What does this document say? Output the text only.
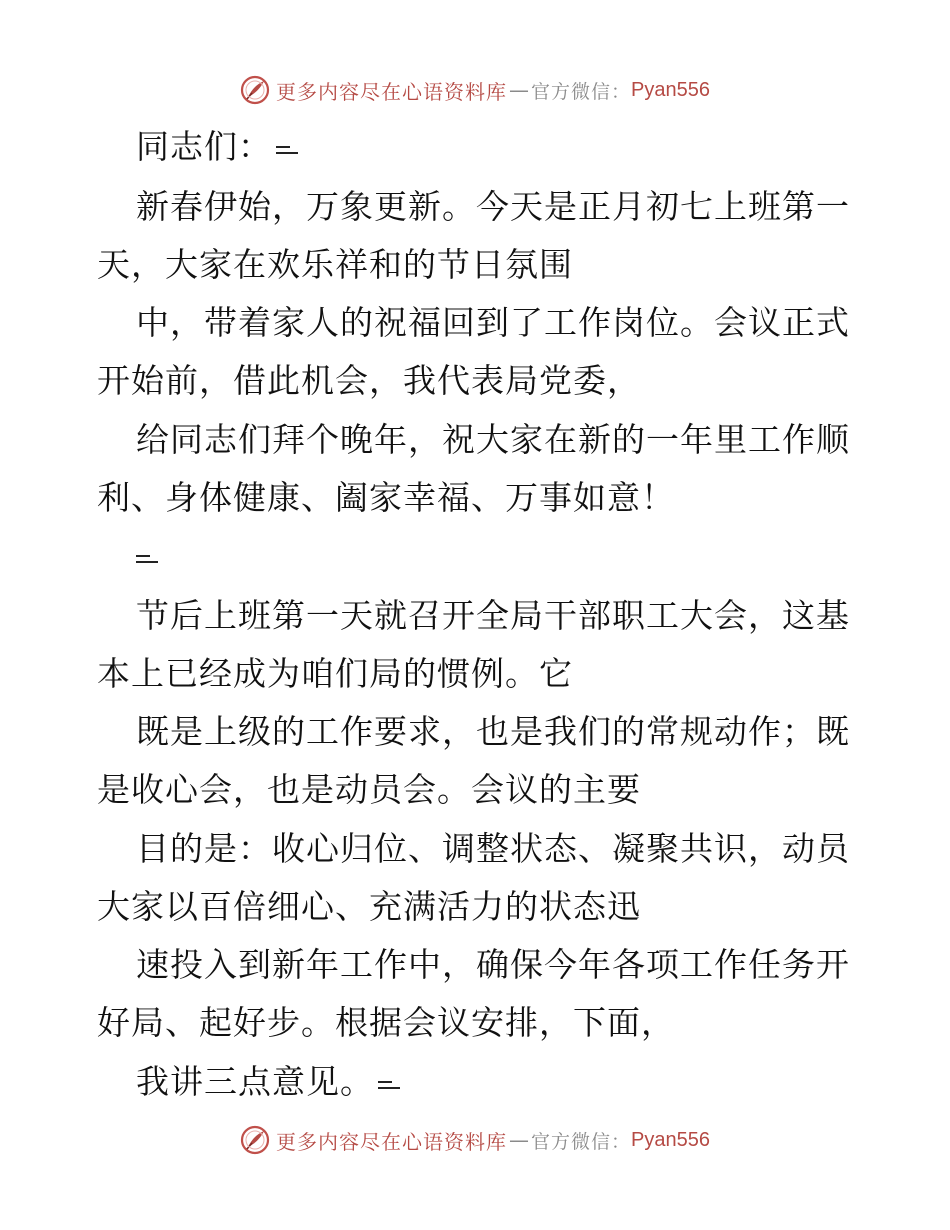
更多内容尽在心语资料库 — 官方微信： Pyan556
同志们：
新春伊始，万象更新。今天是正月初七上班第一
天，大家在欢乐祥和的节日氛围
中，带着家人的祝福回到了工作岗位。会议正式
开始前，借此机会，我代表局党委，
给同志们拜个晚年，祝大家在新的一年里工作顺
利、身体健康、阖家幸福、万事如意！
节后上班第一天就召开全局干部职工大会，这基
本上已经成为咱们局的惯例。它
既是上级的工作要求，也是我们的常规动作；既
是收心会，也是动员会。会议的主要
目的是：收心归位、调整状态、凝聚共识，动员
大家以百倍细心、充满活力的状态迅
速投入到新年工作中，确保今年各项工作任务开
好局、起好步。根据会议安排，下面，
我讲三点意见。
更多内容尽在心语资料库 — 官方微信： Pyan556
